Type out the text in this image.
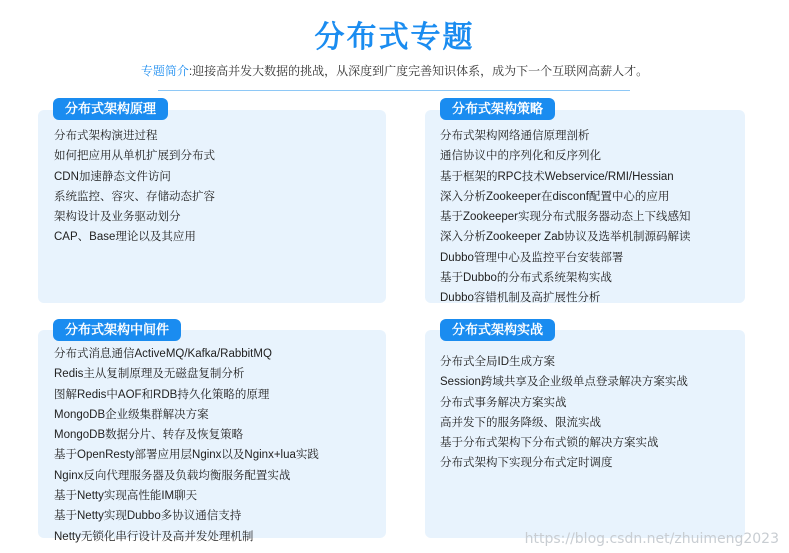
分布式专题
专题简介:迎接高并发大数据的挑战，从深度到广度完善知识体系，成为下一个互联网高薪人才。
分布式架构原理
分布式架构演进过程
如何把应用从单机扩展到分布式
CDN加速静态文件访问
系统监控、容灾、存储动态扩容
架构设计及业务驱动划分
CAP、Base理论以及其应用
分布式架构策略
分布式架构网络通信原理剖析
通信协议中的序列化和反序列化
基于框架的RPC技术Webservice/RMI/Hessian
深入分析Zookeeper在disconf配置中心的应用
基于Zookeeper实现分布式服务器动态上下线感知
深入分析Zookeeper Zab协议及选举机制源码解读
Dubbo管理中心及监控平台安装部署
基于Dubbo的分布式系统架构实战
Dubbo容错机制及高扩展性分析
分布式架构中间件
分布式消息通信ActiveMQ/Kafka/RabbitMQ
Redis主从复制原理及无磁盘复制分析
图解Redis中AOF和RDB持久化策略的原理
MongoDB企业级集群解决方案
MongoDB数据分片、转存及恢复策略
基于OpenResty部署应用层Nginx以及Nginx+lua实践
Nginx反向代理服务器及负载均衡服务配置实战
基于Netty实现高性能IM聊天
基于Netty实现Dubbo多协议通信支持
Netty无锁化串行设计及高并发处理机制
分布式架构实战
分布式全局ID生成方案
Session跨域共享及企业级单点登录解决方案实战
分布式事务解决方案实战
高并发下的服务降级、限流实战
基于分布式架构下分布式锁的解决方案实战
分布式架构下实现分布式定时调度
https://blog.csdn.net/zhuimeng2023
